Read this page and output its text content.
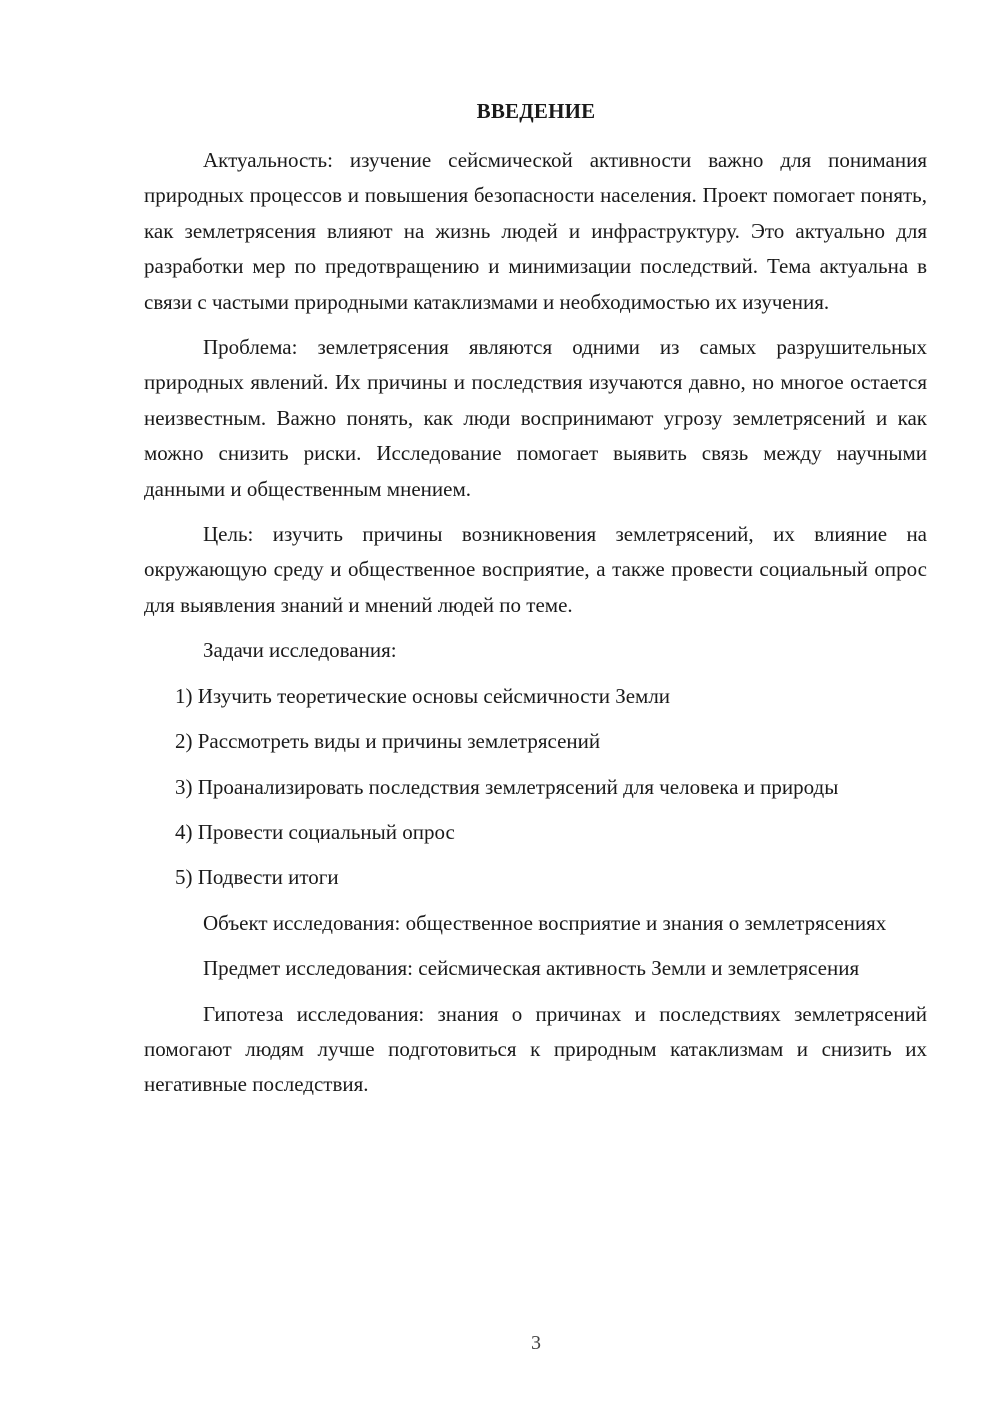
ВВЕДЕНИЕ

Актуальность: изучение сейсмической активности важно для понимания природных процессов и повышения безопасности населения. Проект помогает понять, как землетрясения влияют на жизнь людей и инфраструктуру. Это актуально для разработки мер по предотвращению и минимизации последствий. Тема актуальна в связи с частыми природными катаклизмами и необходимостью их изучения.

Проблема: землетрясения являются одними из самых разрушительных природных явлений. Их причины и последствия изучаются давно, но многое остается неизвестным. Важно понять, как люди воспринимают угрозу землетрясений и как можно снизить риски. Исследование помогает выявить связь между научными данными и общественным мнением.

Цель: изучить причины возникновения землетрясений, их влияние на окружающую среду и общественное восприятие, а также провести социальный опрос для выявления знаний и мнений людей по теме.

Задачи исследования:

1) Изучить теоретические основы сейсмичности Земли

2) Рассмотреть виды и причины землетрясений

3) Проанализировать последствия землетрясений для человека и природы

4) Провести социальный опрос

5) Подвести итоги

Объект исследования: общественное восприятие и знания о землетрясениях

Предмет исследования: сейсмическая активность Земли и землетрясения

Гипотеза исследования: знания о причинах и последствиях землетрясений помогают людям лучше подготовиться к природным катаклизмам и снизить их негативные последствия.

3
